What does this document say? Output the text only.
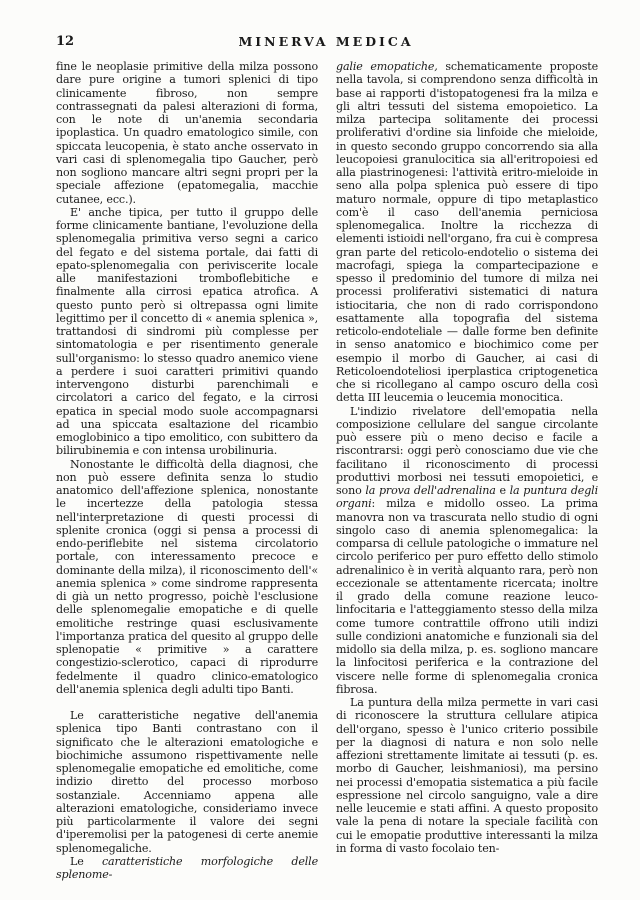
12	MINERVA MEDICA

fine le neoplasie primitive della milza possono dare pure origine a tumori splenici di tipo clinicamente fibroso, non sempre contrassegnati da palesi alterazioni di forma, con le note di un'anemia secondaria ipoplastica. Un quadro ematologico simile, con spiccata leucopenia, è stato anche osservato in vari casi di splenomegalia tipo Gaucher, però non sogliono mancare altri segni propri per la speciale affezione (epatomegalia, macchie cutanee, ecc.).

E' anche tipica, per tutto il gruppo delle forme clinicamente bantiane, l'evoluzione della splenomegalia primitiva verso segni a carico del fegato e del sistema portale, dai fatti di epato-splenomegalia con periviscerite locale alle manifestazioni tromboflebitiche e finalmente alla cirrosi epatica atrofica. A questo punto però si oltrepassa ogni limite legittimo per il concetto di « anemia splenica », trattandosi di sindromi più complesse per sintomatologia e per risentimento generale sull'organismo: lo stesso quadro anemico viene a perdere i suoi caratteri primitivi quando intervengono disturbi parenchimali e circolatori a carico del fegato, e la cirrosi epatica in special modo suole accompagnarsi ad una spiccata esaltazione del ricambio emoglobinico a tipo emolitico, con subittero da bilirubinemia e con intensa urobilinuria.

Nonostante le difficoltà della diagnosi, che non può essere definita senza lo studio anatomico dell'affezione splenica, nonostante le incertezze della patologia stessa nell'interpretazione di questi processi di splenite cronica (oggi si pensa a processi di endo-periflebite nel sistema circolatorio portale, con interessamento precoce e dominante della milza), il riconoscimento dell'« anemia splenica » come sindrome rappresenta di già un netto progresso, poichè l'esclusione delle splenomegalie emopatiche e di quelle emolitiche restringe quasi esclusivamente l'importanza pratica del quesito al gruppo delle splenopatie « primitive » a carattere congestizio-sclerotico, capaci di riprodurre fedelmente il quadro clinico-ematologico dell'anemia splenica degli adulti tipo Banti.

Le caratteristiche negative dell'anemia splenica tipo Banti contrastano con il significato che le alterazioni ematologiche e biochimiche assumono rispettivamente nelle splenomegalie emopatiche ed emolitiche, come indizio diretto del processo morboso sostanziale. Accenniamo appena alle alterazioni ematologiche, consideriamo invece più particolarmente il valore dei segni d'iperemolisi per la patogenesi di certe anemie splenomegaliche.

Le caratteristiche morfologiche delle splenome-

galie emopatiche, schematicamente proposte nella tavola, si comprendono senza difficoltà in base ai rapporti d'istopatogenesi fra la milza e gli altri tessuti del sistema emopoietico. La milza partecipa solitamente dei processi proliferativi d'ordine sia linfoide che mieloide, in questo secondo gruppo concorrendo sia alla leucopoiesi granulocitica sia all'eritropoiesi ed alla piastrinogenesi: l'attività eritro-mieloide in seno alla polpa splenica può essere di tipo maturo normale, oppure di tipo metaplastico com'è il caso dell'anemia perniciosa splenomegalica. Inoltre la ricchezza di elementi istioidi nell'organo, fra cui è compresa gran parte del reticolo-endotelio o sistema dei macrofagi, spiega la compartecipazione e spesso il predominio del tumore di milza nei processi proliferativi sistematici di natura istiocitaria, che non di rado corrispondono esattamente alla topografia del sistema reticolo-endoteliale — dalle forme ben definite in senso anatomico e biochimico come per esempio il morbo di Gaucher, ai casi di Reticoloendoteliosi iperplastica criptogenetica che si ricollegano al campo oscuro della così detta III leucemia o leucemia monocitica.

L'indizio rivelatore dell'emopatia nella composizione cellulare del sangue circolante può essere più o meno deciso e facile a riscontrarsi: oggi però conosciamo due vie che facilitano il riconoscimento di processi produttivi morbosi nei tessuti emopoietici, e sono la prova dell'adrenalina e la puntura degli organi: milza e midollo osseo. La prima manovra non va trascurata nello studio di ogni singolo caso di anemia splenomegalica: la comparsa di cellule patologiche o immature nel circolo periferico per puro effetto dello stimolo adrenalinico è in verità alquanto rara, però non eccezionale se attentamente ricercata; inoltre il grado della comune reazione leuco-linfocitaria e l'atteggiamento stesso della milza come tumore contrattile offrono utili indizi sulle condizioni anatomiche e funzionali sia del midollo sia della milza, p. es. sogliono mancare la linfocitosi periferica e la contrazione del viscere nelle forme di splenomegalia cronica fibrosa.

La puntura della milza permette in vari casi di riconoscere la struttura cellulare atipica dell'organo, spesso è l'unico criterio possibile per la diagnosi di natura e non solo nelle affezioni strettamente limitate ai tessuti (p. es. morbo di Gaucher, leishmaniosi), ma persino nei processi d'emopatia sistematica a più facile espressione nel circolo sanguigno, vale a dire nelle leucemie e stati affini. A questo proposito vale la pena di notare la speciale facilità con cui le emopatie produttive interessanti la milza in forma di vasto focolaio ten-
